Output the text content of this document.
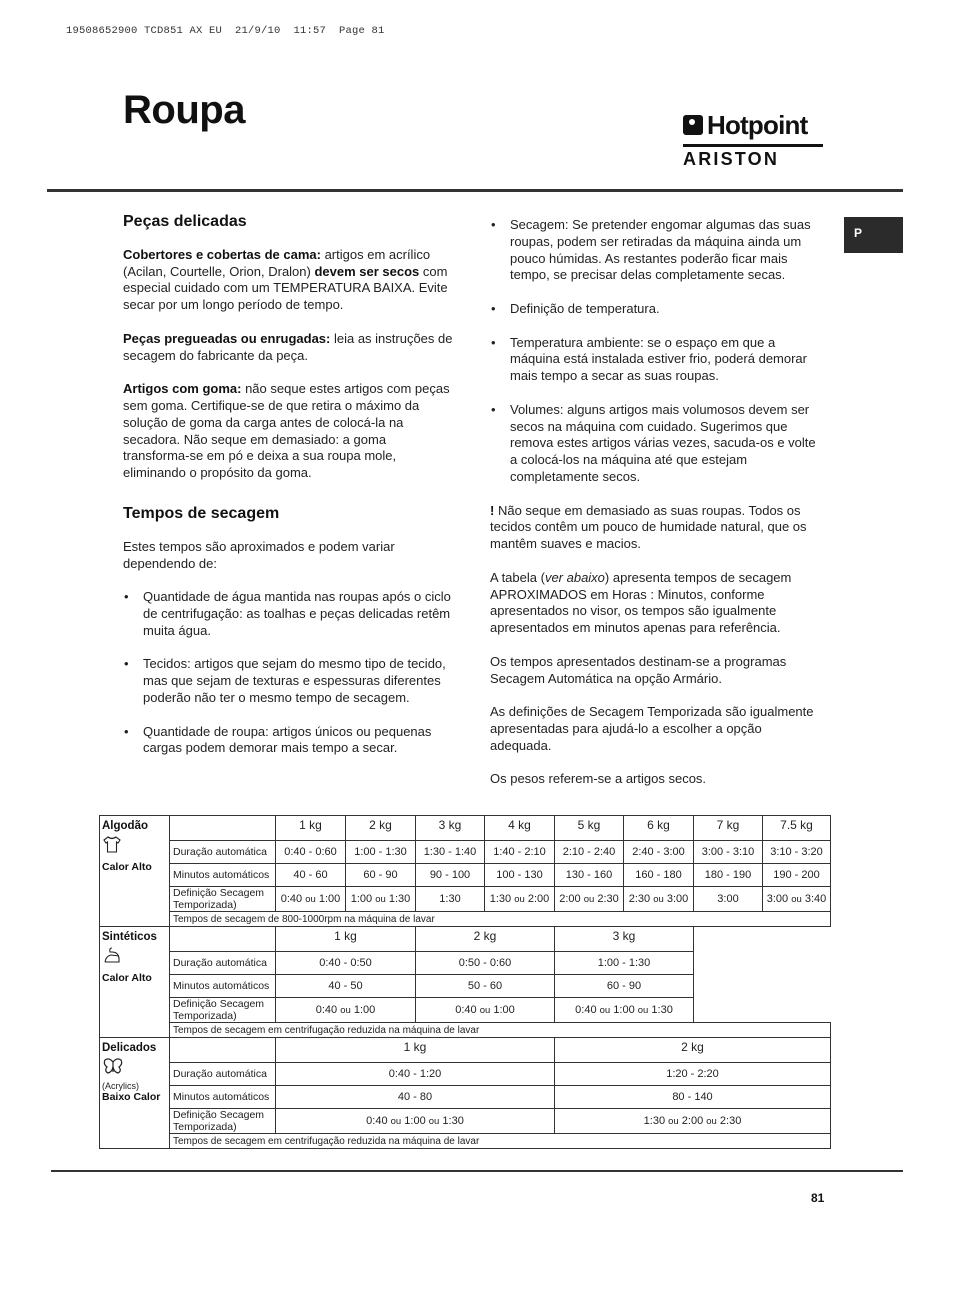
19508652900 TCD851 AX EU  21/9/10  11:57  Page 81
Roupa	Hotpoint
ARISTON
P
Peças delicadas

Cobertores e cobertas de cama: artigos em acrílico (Acilan, Courtelle, Orion, Dralon) devem ser secos com especial cuidado com um TEMPERATURA BAIXA. Evite secar por um longo período de tempo.

Peças pregueadas ou enrugadas: leia as instruções de secagem do fabricante da peça.

Artigos com goma: não seque estes artigos com peças sem goma. Certifique-se de que retira o máximo da solução de goma da carga antes de colocá-la na secadora. Não seque em demasiado: a goma transforma-se em pó e deixa a sua roupa mole, eliminando o propósito da goma.

Tempos de secagem

Estes tempos são aproximados e podem variar dependendo de:

• Quantidade de água mantida nas roupas após o ciclo de centrifugação: as toalhas e peças delicadas retêm muita água.
• Tecidos: artigos que sejam do mesmo tipo de tecido, mas que sejam de texturas e espessuras diferentes poderão não ter o mesmo tempo de secagem.
• Quantidade de roupa: artigos únicos ou pequenas cargas podem demorar mais tempo a secar.
• Secagem: Se pretender engomar algumas das suas roupas, podem ser retiradas da máquina ainda um pouco húmidas. As restantes poderão ficar mais tempo, se precisar delas completamente secas.
• Definição de temperatura.
• Temperatura ambiente: se o espaço em que a máquina está instalada estiver frio, poderá demorar mais tempo a secar as suas roupas.
• Volumes: alguns artigos mais volumosos devem ser secos na máquina com cuidado. Sugerimos que remova estes artigos várias vezes, sacuda-os e volte a colocá-los na máquina até que estejam completamente secos.

! Não seque em demasiado as suas roupas. Todos os tecidos contêm um pouco de humidade natural, que os mantêm suaves e macios.

A tabela (ver abaixo) apresenta tempos de secagem APROXIMADOS em Horas : Minutos, conforme apresentados no visor, os tempos são igualmente apresentados em minutos apenas para referência.

Os tempos apresentados destinam-se a programas Secagem Automática na opção Armário.

As definições de Secagem Temporizada são igualmente apresentadas para ajudá-lo a escolher a opção adequada.

Os pesos referem-se a artigos secos.

Algodão
Calor Alto		1 kg	2 kg	3 kg	4 kg	5 kg	6 kg	7 kg	7.5 kg
	Duração automática	0:40 - 0:60	1:00 - 1:30	1:30 - 1:40	1:40 - 2:10	2:10 - 2:40	2:40 - 3:00	3:00 - 3:10	3:10 - 3:20
	Minutos automáticos	40 - 60	60 - 90	90 - 100	100 - 130	130 - 160	160 - 180	180 - 190	190 - 200
	Definição Secagem Temporizada)	0:40 ou 1:00	1:00 ou 1:30	1:30	1:30 ou 2:00	2:00 ou 2:30	2:30 ou 3:00	3:00	3:00 ou 3:40
	Tempos de secagem de 800-1000rpm na máquina de lavar								

Sintéticos
Calor Alto		1 kg		2 kg		3 kg			
	Duração automática	0:40 - 0:50		0:50 - 0:60		1:00 - 1:30			
	Minutos automáticos	40 - 50		50 - 60		60 - 90			
	Definição Secagem Temporizada)	0:40 ou 1:00		0:40 ou 1:00		0:40 ou 1:00 ou 1:30			
	Tempos de secagem em centrifugação reduzida na máquina de lavar								

Delicados
(Acrylics)
Baixo Calor		1 kg				2 kg			
	Duração automática	0:40 - 1:20				1:20 - 2:20			
	Minutos automáticos	40 - 80				80 - 140			
	Definição Secagem Temporizada)	0:40 ou 1:00 ou 1:30				1:30 ou 2:00 ou 2:30			
	Tempos de secagem em centrifugação reduzida na máquina de lavar								
81
